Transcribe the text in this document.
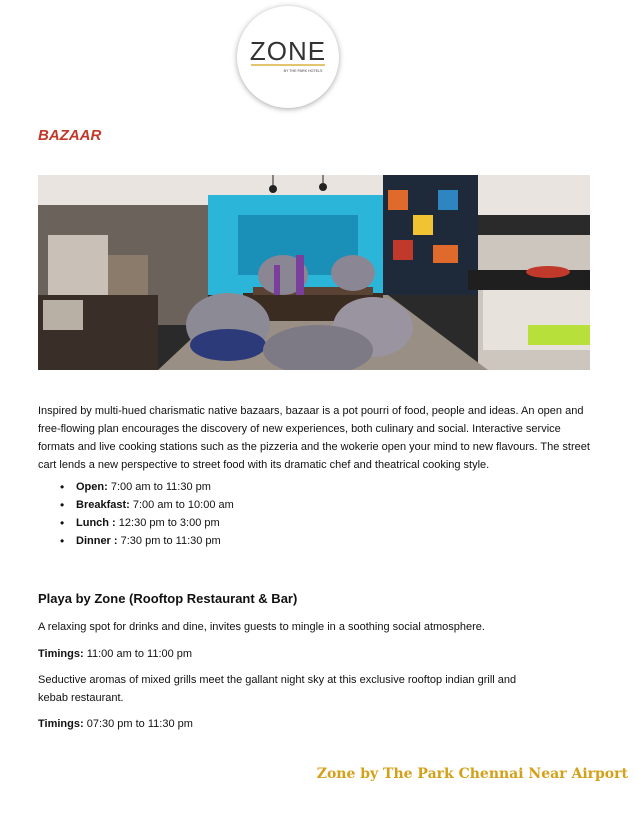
ZONE
BY THE PARK HOTELS
BAZAAR
Inspired by multi-hued charismatic native bazaars, bazaar is a pot pourri of food, people and ideas. An open and free-flowing plan encourages the discovery of new experiences, both culinary and social. Interactive service formats and live cooking stations such as the pizzeria and the wokerie open your mind to new flavours. The street cart lends a new perspective to street food with its dramatic chef and theatrical cooking style.
• Open: 7:00 am to 11:30 pm
• Breakfast: 7:00 am to 10:00 am
• Lunch : 12:30 pm to 3:00 pm
• Dinner : 7:30 pm to 11:30 pm
Playa by Zone (Rooftop Restaurant & Bar)
A relaxing spot for drinks and dine, invites guests to mingle in a soothing social atmosphere.
Timings: 11:00 am to 11:00 pm
Seductive aromas of mixed grills meet the gallant night sky at this exclusive rooftop indian grill and kebab restaurant.
Timings: 07:30 pm to 11:30 pm
Zone by The Park Chennai Near Airport
